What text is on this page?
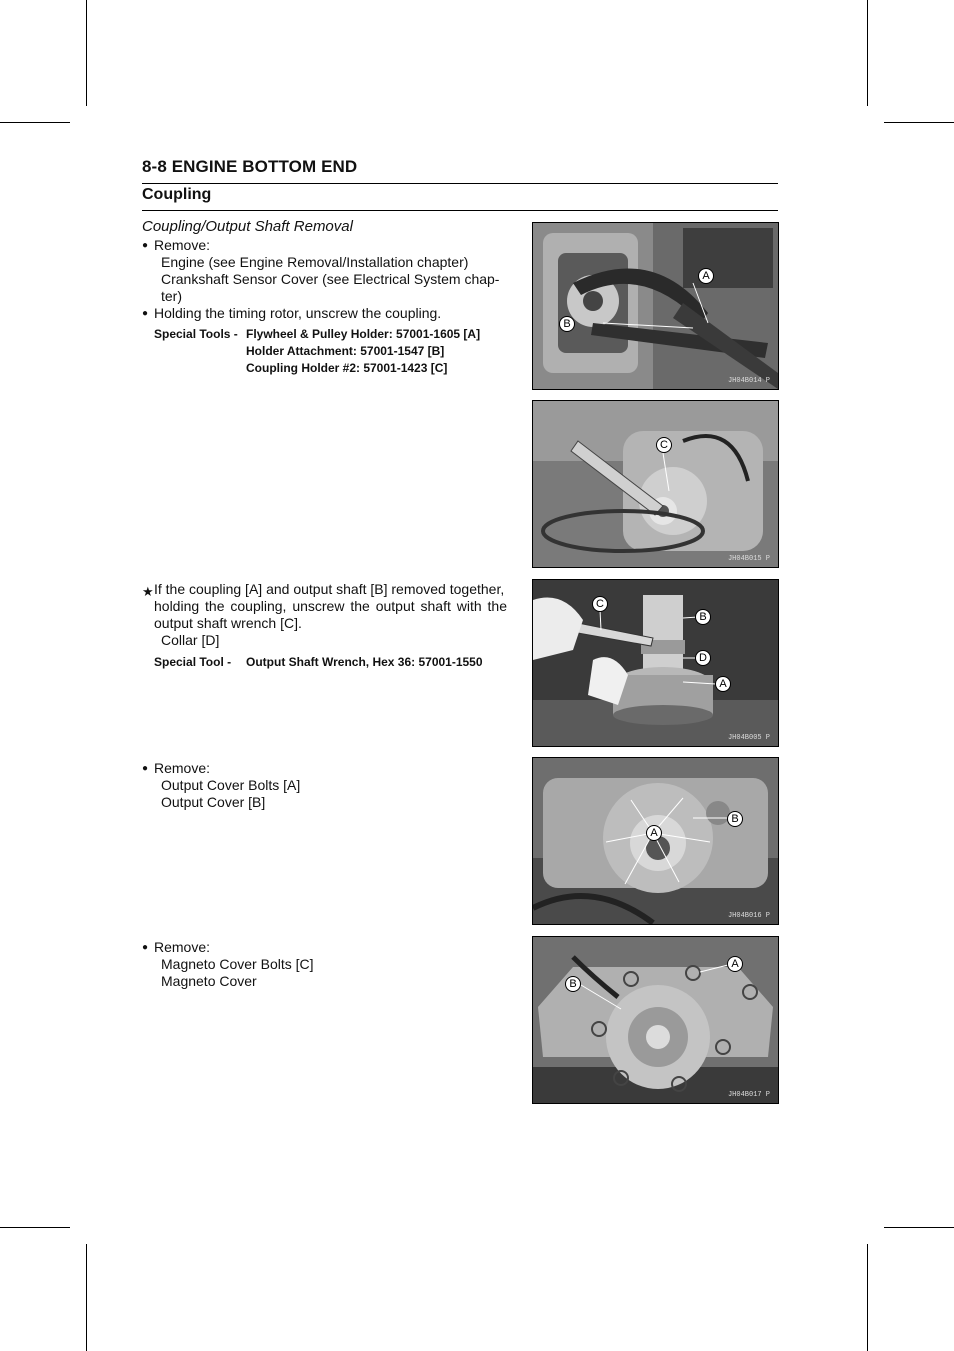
8-8 ENGINE BOTTOM END
Coupling
Coupling/Output Shaft Removal
● Remove:
Engine (see Engine Removal/Installation chapter)
Crankshaft Sensor Cover (see Electrical System chap-
ter)
● Holding the timing rotor, unscrew the coupling.
Special Tools - Flywheel & Pulley Holder: 57001-1605 [A]
Holder Attachment: 57001-1547 [B]
Coupling Holder #2: 57001-1423 [C]
★ If the coupling [A] and output shaft [B] removed together,
holding the coupling, unscrew the output shaft with the
output shaft wrench [C].
Collar [D]
Special Tool - Output Shaft Wrench, Hex 36: 57001-1550
● Remove:
Output Cover Bolts [A]
Output Cover [B]
● Remove:
Magneto Cover Bolts [C]
Magneto Cover
A
B
JH04B014 P
C
JH04B015 P
C
B
D
A
JH04B005 P
A
B
JH04B016 P
A
B
JH04B017 P
